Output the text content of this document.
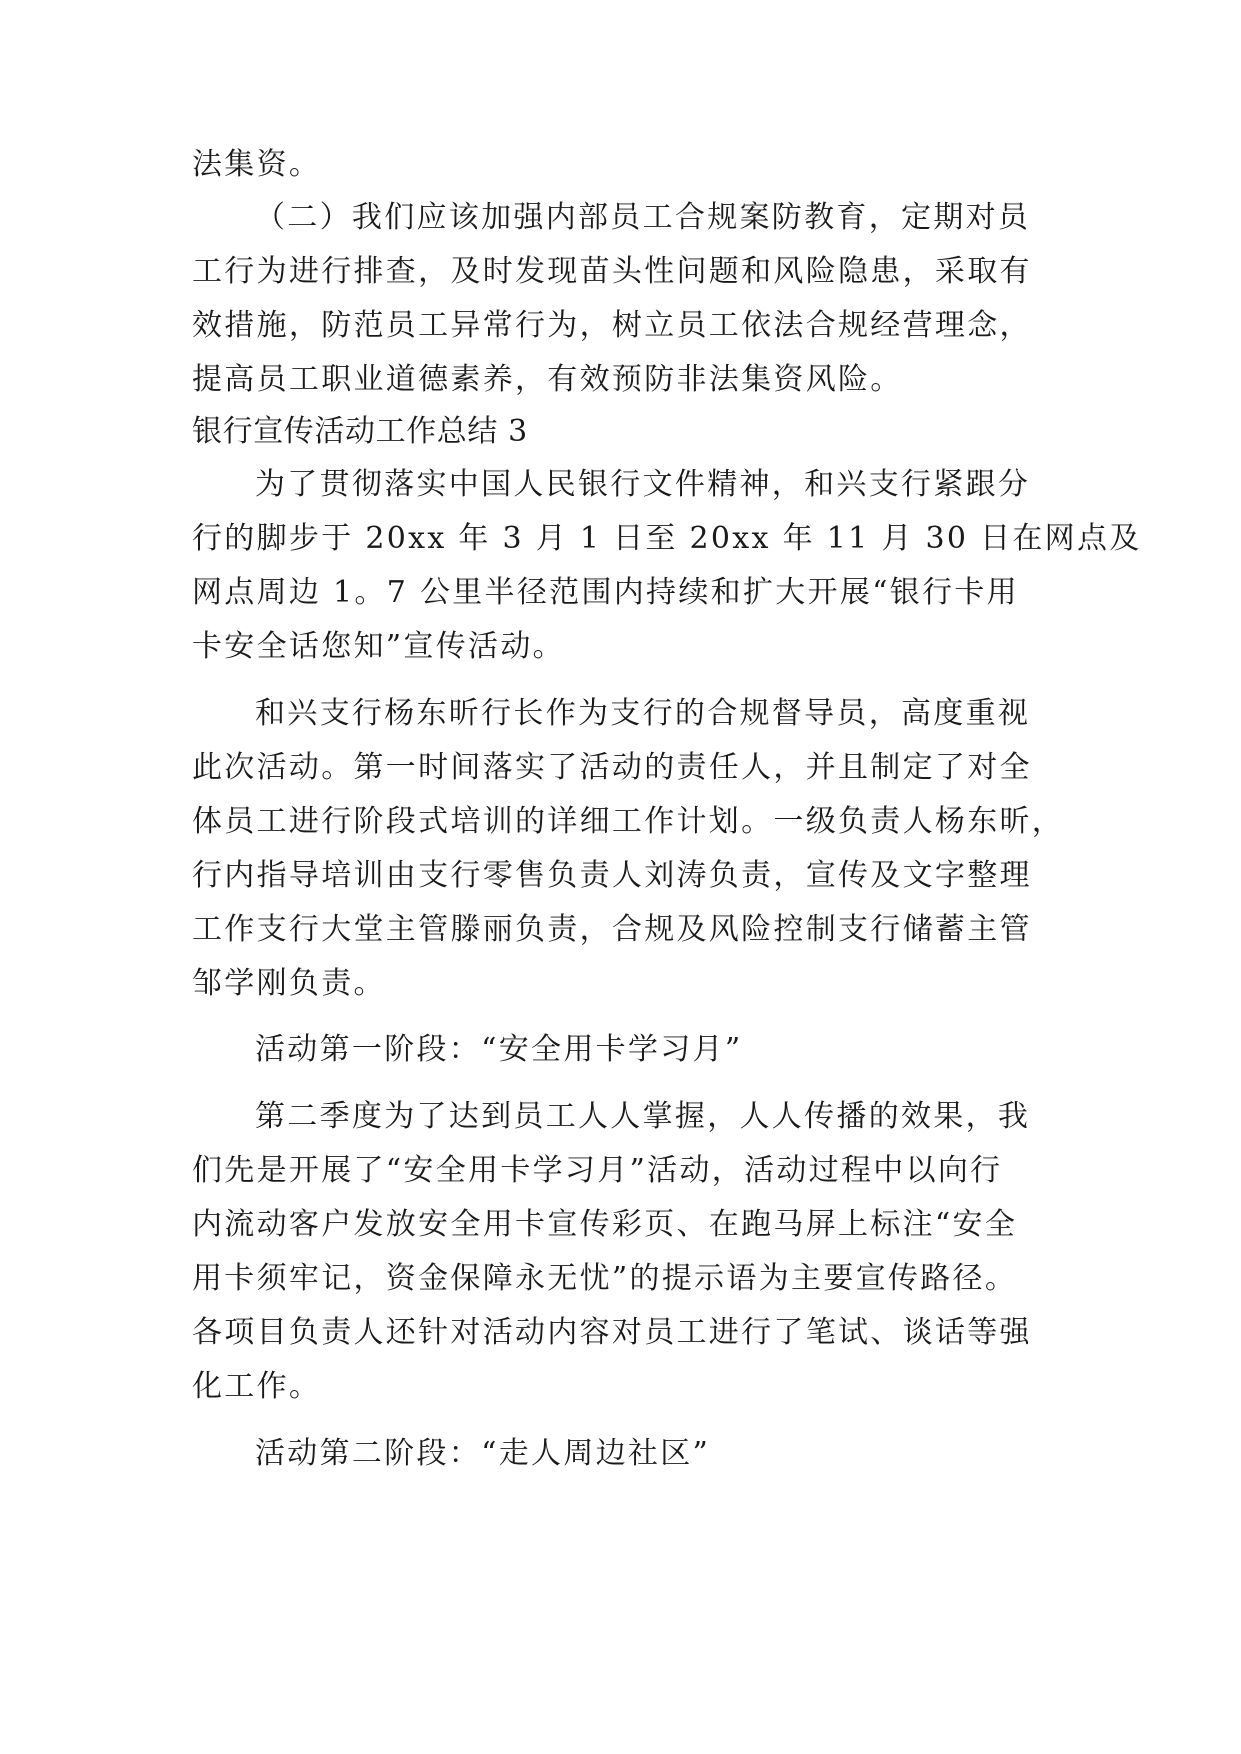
法集资。
（二）我们应该加强内部员工合规案防教育，定期对员
工行为进行排查，及时发现苗头性问题和风险隐患，采取有
效措施，防范员工异常行为，树立员工依法合规经营理念，
提高员工职业道德素养，有效预防非法集资风险。
银行宣传活动工作总结 3
为了贯彻落实中国人民银行文件精神，和兴支行紧跟分
行的脚步于 20xx 年 3 月 1 日至 20xx 年 11 月 30 日在网点及
网点周边 1。7 公里半径范围内持续和扩大开展“银行卡用
卡安全话您知”宣传活动。
和兴支行杨东昕行长作为支行的合规督导员，高度重视
此次活动。第一时间落实了活动的责任人，并且制定了对全
体员工进行阶段式培训的详细工作计划。一级负责人杨东昕，
行内指导培训由支行零售负责人刘涛负责，宣传及文字整理
工作支行大堂主管滕丽负责，合规及风险控制支行储蓄主管
邹学刚负责。
活动第一阶段：“安全用卡学习月”
第二季度为了达到员工人人掌握，人人传播的效果，我
们先是开展了“安全用卡学习月”活动，活动过程中以向行
内流动客户发放安全用卡宣传彩页、在跑马屏上标注“安全
用卡须牢记，资金保障永无忧”的提示语为主要宣传路径。
各项目负责人还针对活动内容对员工进行了笔试、谈话等强
化工作。
活动第二阶段：“走人周边社区”
